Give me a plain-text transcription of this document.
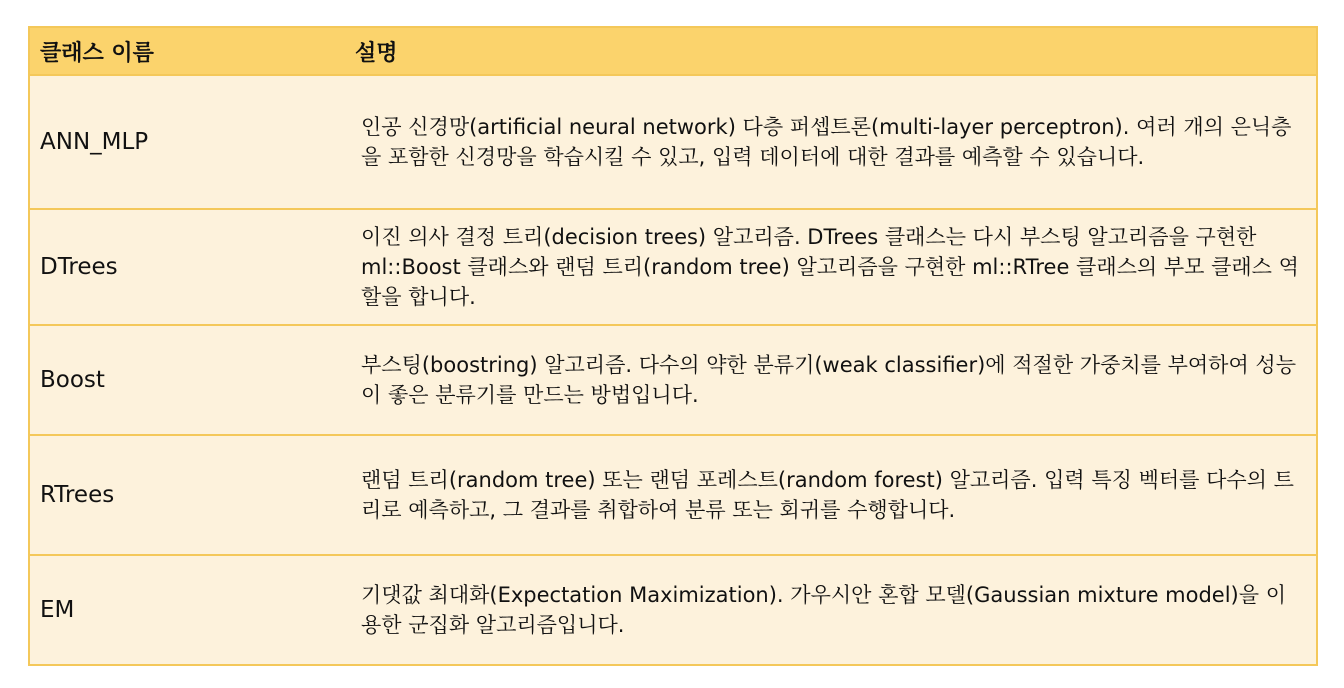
클래스 이름	설명
ANN_MLP	인공 신경망(artificial neural network) 다층 퍼셉트론(multi-layer perceptron). 여러 개의 은닉층을 포함한 신경망을 학습시킬 수 있고, 입력 데이터에 대한 결과를 예측할 수 있습니다.
DTrees	이진 의사 결정 트리(decision trees) 알고리즘. DTrees 클래스는 다시 부스팅 알고리즘을 구현한 ml::Boost 클래스와 랜덤 트리(random tree) 알고리즘을 구현한 ml::RTree 클래스의 부모 클래스 역할을 합니다.
Boost	부스팅(boostring) 알고리즘. 다수의 약한 분류기(weak classifier)에 적절한 가중치를 부여하여 성능이 좋은 분류기를 만드는 방법입니다.
RTrees	랜덤 트리(random tree) 또는 랜덤 포레스트(random forest) 알고리즘. 입력 특징 벡터를 다수의 트리로 예측하고, 그 결과를 취합하여 분류 또는 회귀를 수행합니다.
EM	기댓값 최대화(Expectation Maximization). 가우시안 혼합 모델(Gaussian mixture model)을 이용한 군집화 알고리즘입니다.
